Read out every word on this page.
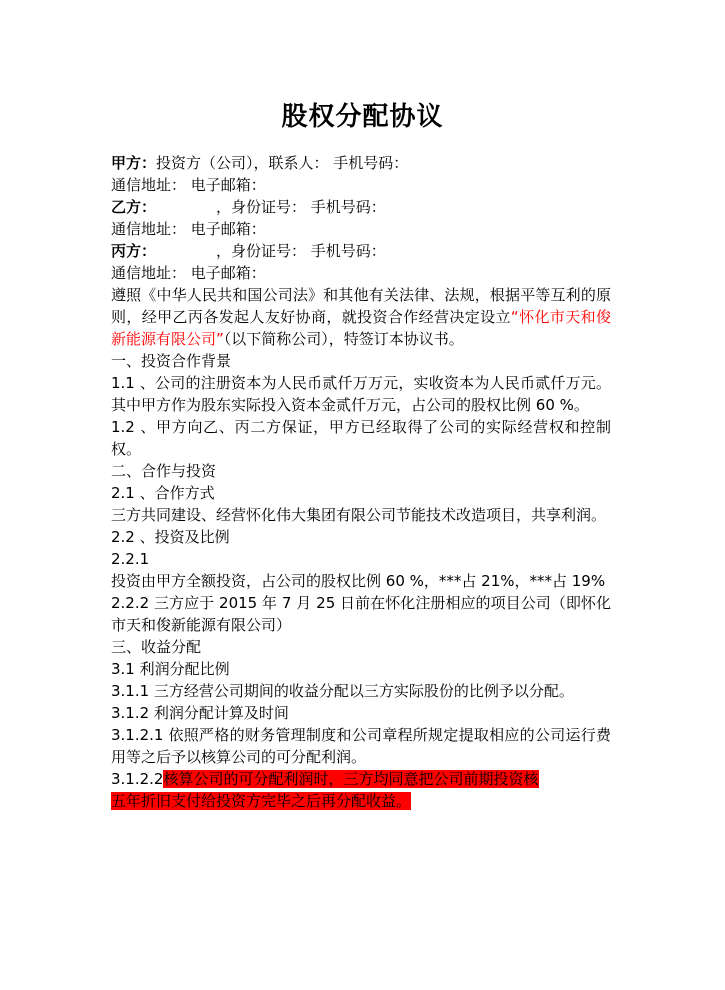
股权分配协议

甲方：投资方（公司），联系人： 手机号码：

通信地址： 电子邮箱：

乙方：	，身份证号： 手机号码：

通信地址： 电子邮箱：

丙方：	，身份证号： 手机号码：

通信地址： 电子邮箱：

遵照《中华人民共和国公司法》和其他有关法律、法规，根据平等互利的原则，经甲乙丙各发起人友好协商，就投资合作经营决定设立“怀化市天和俊新能源有限公司”（以下简称公司），特签订本协议书。

一、投资合作背景

1.1 、公司的注册资本为人民币贰仟万万元，实收资本为人民币贰仟万元。其中甲方作为股东实际投入资本金贰仟万元，占公司的股权比例 60 %。

1.2 、甲方向乙、丙二方保证，甲方已经取得了公司的实际经营权和控制权。

二、合作与投资

2.1 、合作方式

三方共同建设、经营怀化伟大集团有限公司节能技术改造项目，共享利润。

2.2 、投资及比例

2.2.1

投资由甲方全额投资，占公司的股权比例 60 %，***占 21%，***占 19%

2.2.2 三方应于 2015 年 7 月 25 日前在怀化注册相应的项目公司（即怀化市天和俊新能源有限公司）

三、收益分配

3.1 利润分配比例

3.1.1 三方经营公司期间的收益分配以三方实际股份的比例予以分配。

3.1.2 利润分配计算及时间

3.1.2.1 依照严格的财务管理制度和公司章程所规定提取相应的公司运行费用等之后予以核算公司的可分配利润。

3.1.2.2核算公司的可分配利润时，三方均同意把公司前期投资核

五年折旧支付给投资方完毕之后再分配收益。
